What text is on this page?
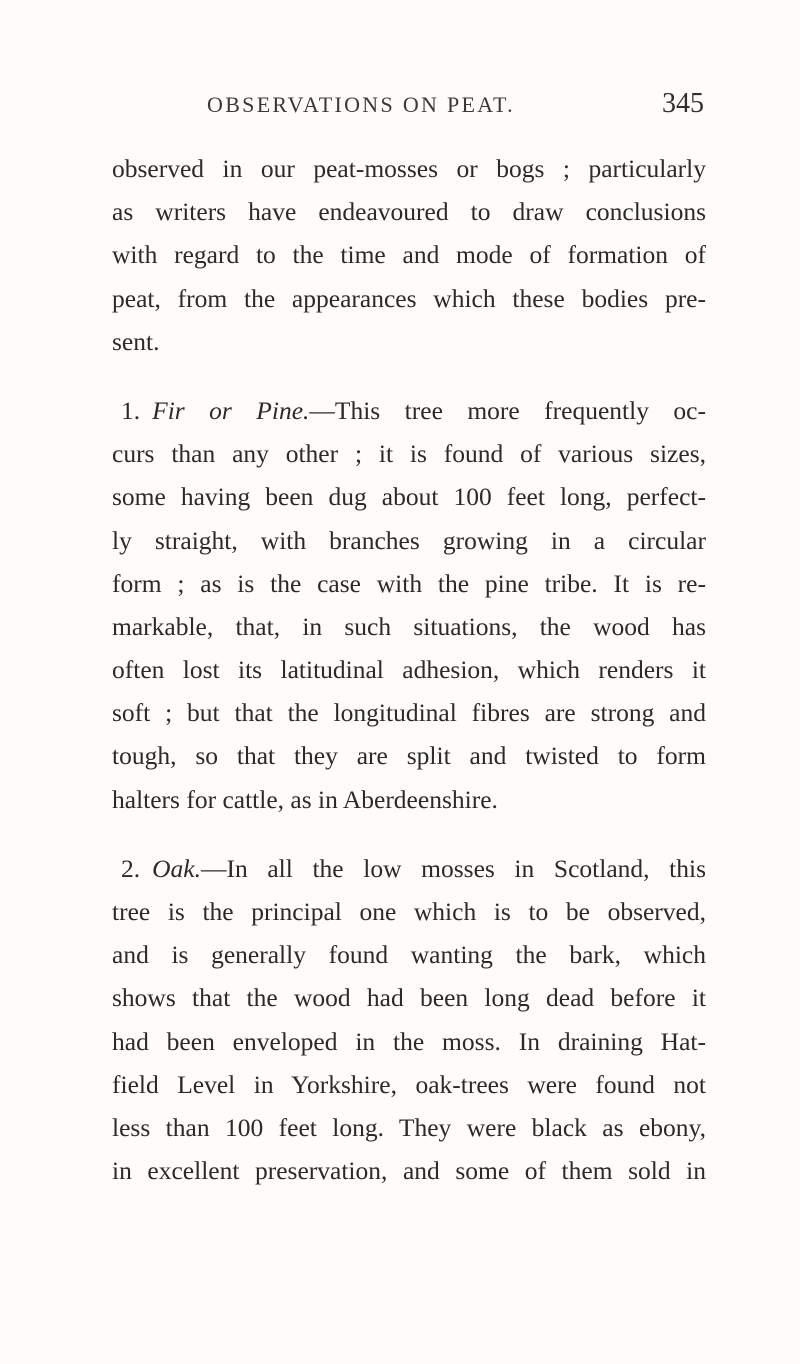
OBSERVATIONS ON PEAT.	345
observed in our peat-mosses or bogs ; particularly
as writers have endeavoured to draw conclusions
with regard to the time and mode of formation of
peat, from the appearances which these bodies pre-
sent.
1. Fir or Pine.—This tree more frequently oc-
curs than any other ; it is found of various sizes,
some having been dug about 100 feet long, perfect-
ly straight, with branches growing in a circular
form ; as is the case with the pine tribe. It is re-
markable, that, in such situations, the wood has
often lost its latitudinal adhesion, which renders it
soft ; but that the longitudinal fibres are strong and
tough, so that they are split and twisted to form
halters for cattle, as in Aberdeenshire.
2. Oak.—In all the low mosses in Scotland, this
tree is the principal one which is to be observed,
and is generally found wanting the bark, which
shows that the wood had been long dead before it
had been enveloped in the moss. In draining Hat-
field Level in Yorkshire, oak-trees were found not
less than 100 feet long. They were black as ebony,
in excellent preservation, and some of them sold in
